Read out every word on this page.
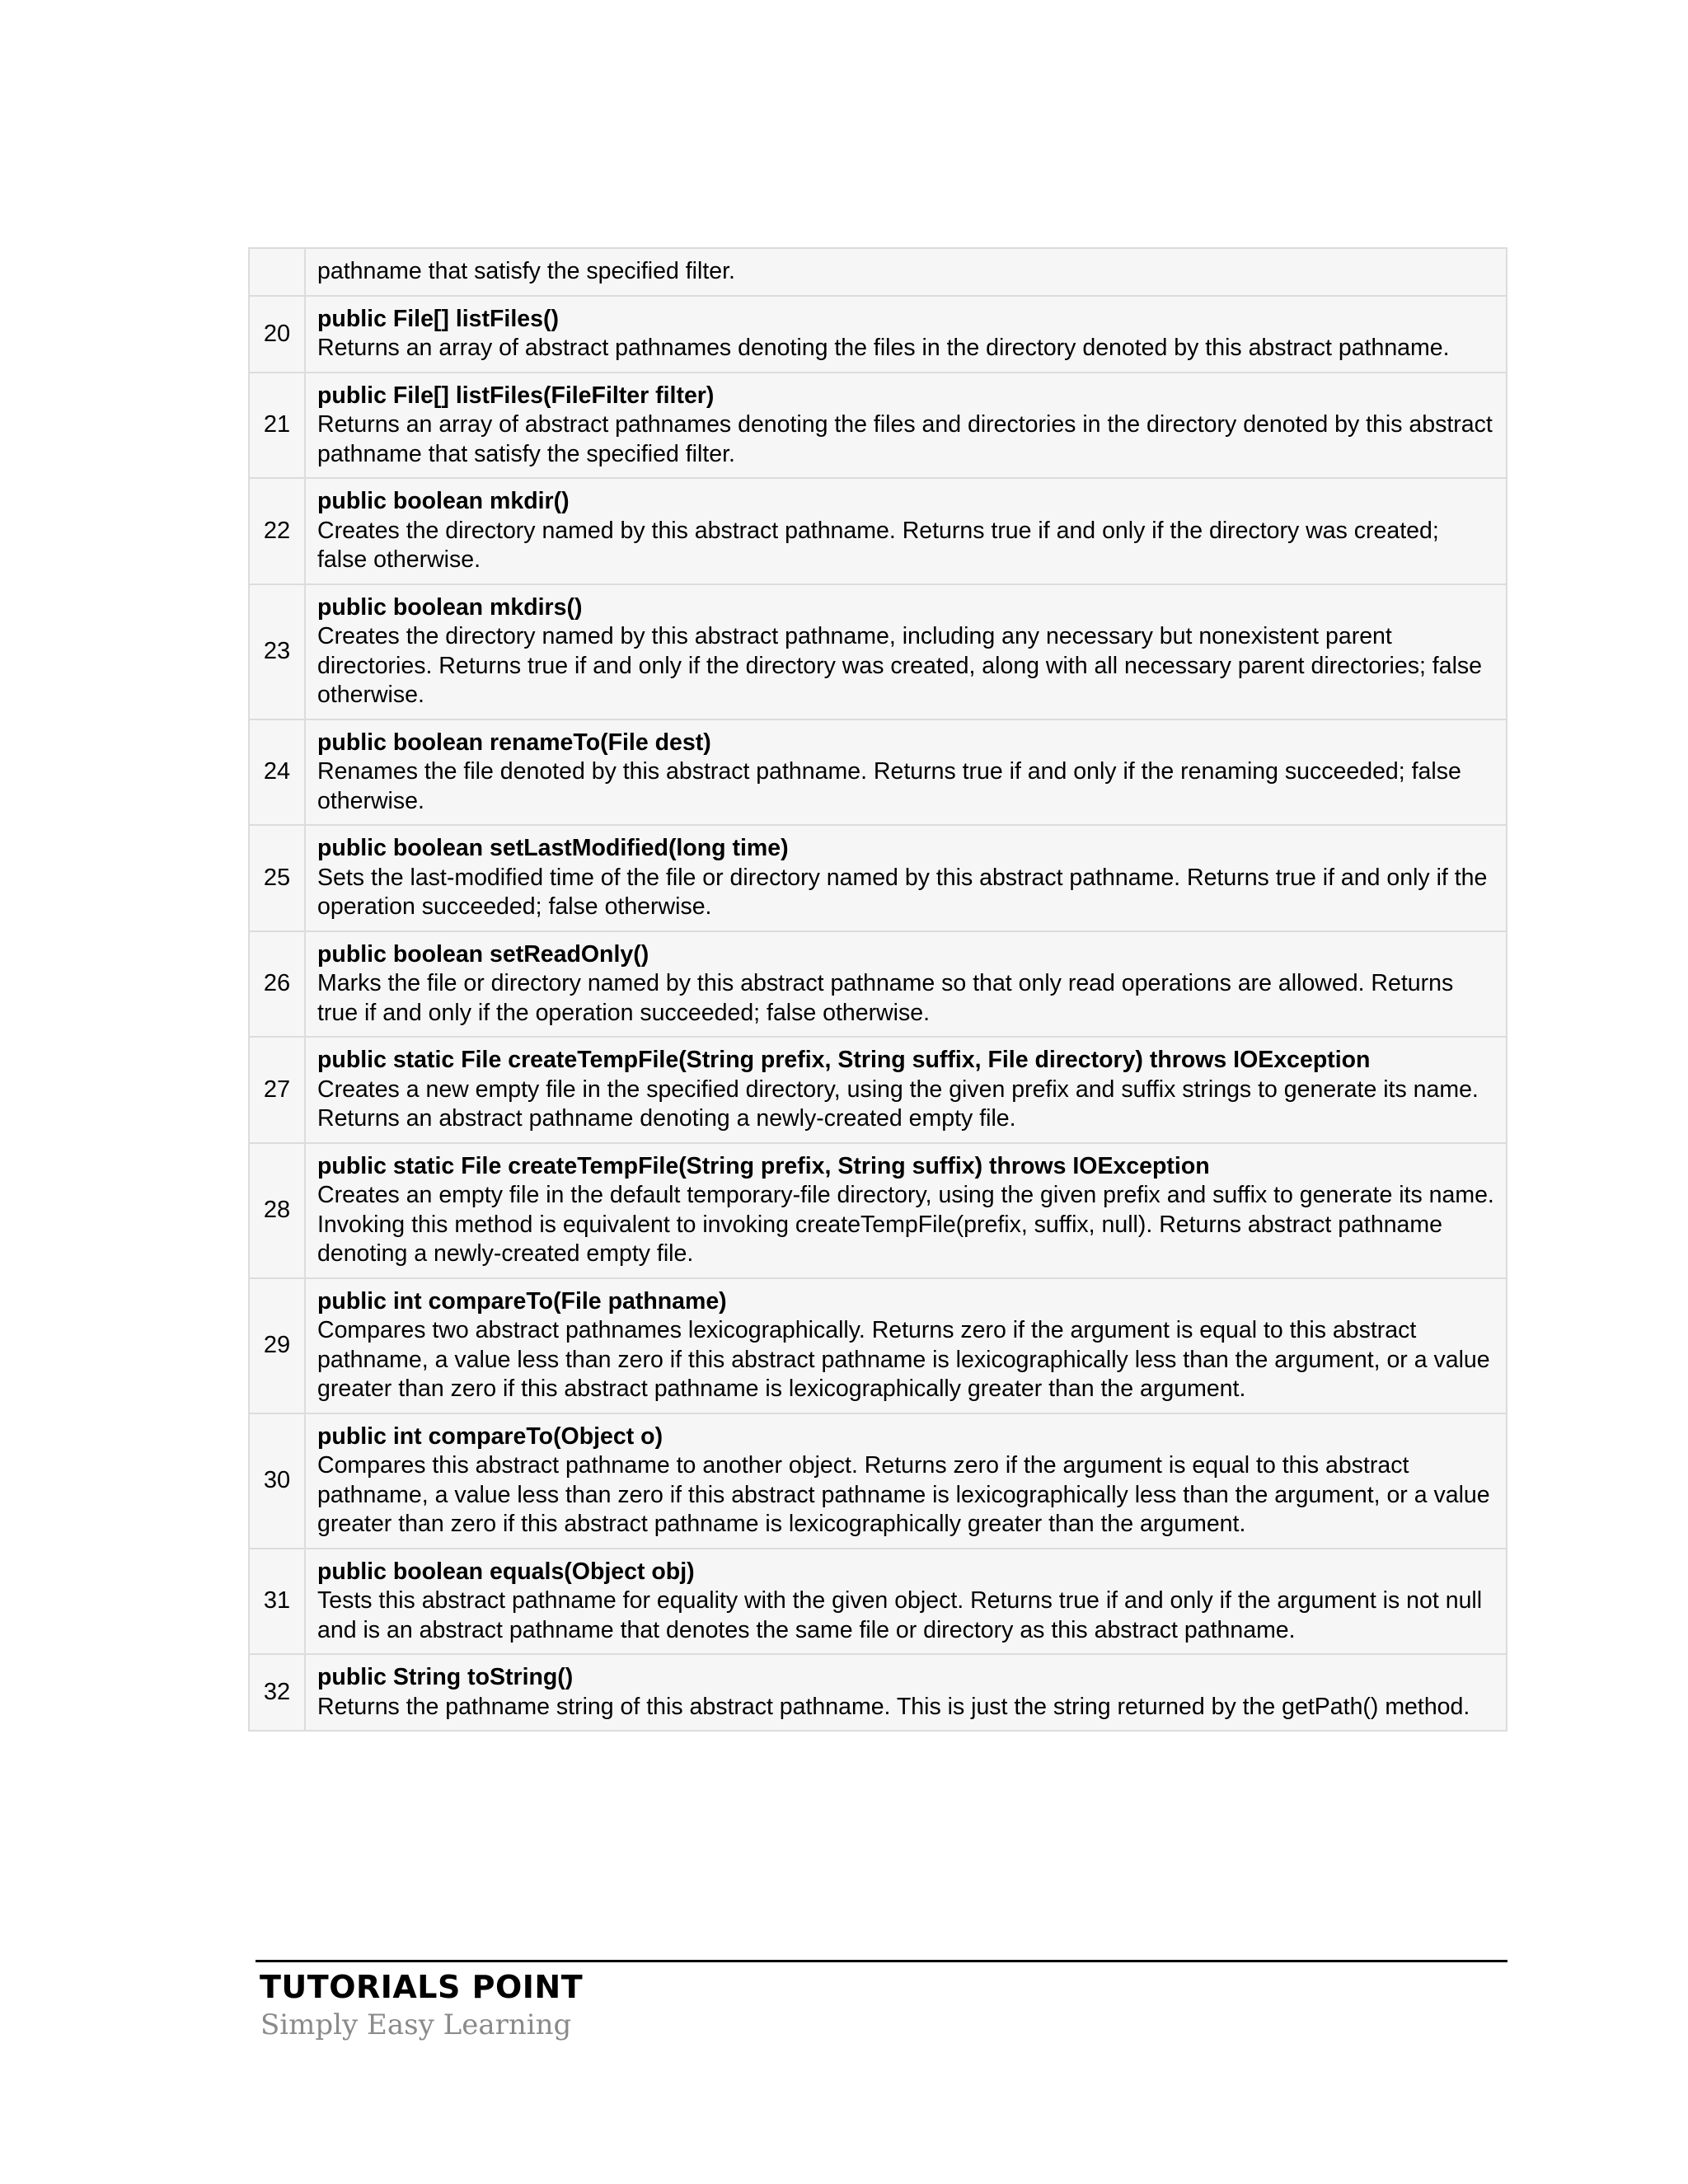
	pathname that satisfy the specified filter.
20	public File[] listFiles()
Returns an array of abstract pathnames denoting the files in the directory denoted by this abstract pathname.

21	public File[] listFiles(FileFilter filter)
Returns an array of abstract pathnames denoting the files and directories in the directory denoted by this abstract pathname that satisfy the specified filter.

22	public boolean mkdir()
Creates the directory named by this abstract pathname. Returns true if and only if the directory was created; false otherwise.

23	public boolean mkdirs()
Creates the directory named by this abstract pathname, including any necessary but nonexistent parent directories. Returns true if and only if the directory was created, along with all necessary parent directories; false otherwise.

24	public boolean renameTo(File dest)
Renames the file denoted by this abstract pathname. Returns true if and only if the renaming succeeded; false otherwise.

25	public boolean setLastModified(long time)
Sets the last-modified time of the file or directory named by this abstract pathname. Returns true if and only if the operation succeeded; false otherwise.

26	public boolean setReadOnly()
Marks the file or directory named by this abstract pathname so that only read operations are allowed. Returns true if and only if the operation succeeded; false otherwise.

27	public static File createTempFile(String prefix, String suffix, File directory) throws IOException
Creates a new empty file in the specified directory, using the given prefix and suffix strings to generate its name. Returns an abstract pathname denoting a newly-created empty file.

28	public static File createTempFile(String prefix, String suffix) throws IOException
Creates an empty file in the default temporary-file directory, using the given prefix and suffix to generate its name. Invoking this method is equivalent to invoking createTempFile(prefix, suffix, null). Returns abstract pathname denoting a newly-created empty file.

29	public int compareTo(File pathname)
Compares two abstract pathnames lexicographically. Returns zero if the argument is equal to this abstract pathname, a value less than zero if this abstract pathname is lexicographically less than the argument, or a value greater than zero if this abstract pathname is lexicographically greater than the argument.

30	public int compareTo(Object o)
Compares this abstract pathname to another object. Returns zero if the argument is equal to this abstract pathname, a value less than zero if this abstract pathname is lexicographically less than the argument, or a value greater than zero if this abstract pathname is lexicographically greater than the argument.

31	public boolean equals(Object obj)
Tests this abstract pathname for equality with the given object. Returns true if and only if the argument is not null and is an abstract pathname that denotes the same file or directory as this abstract pathname.

32	public String toString()
Returns the pathname string of this abstract pathname. This is just the string returned by the getPath() method.
TUTORIALS POINT
Simply Easy Learning
